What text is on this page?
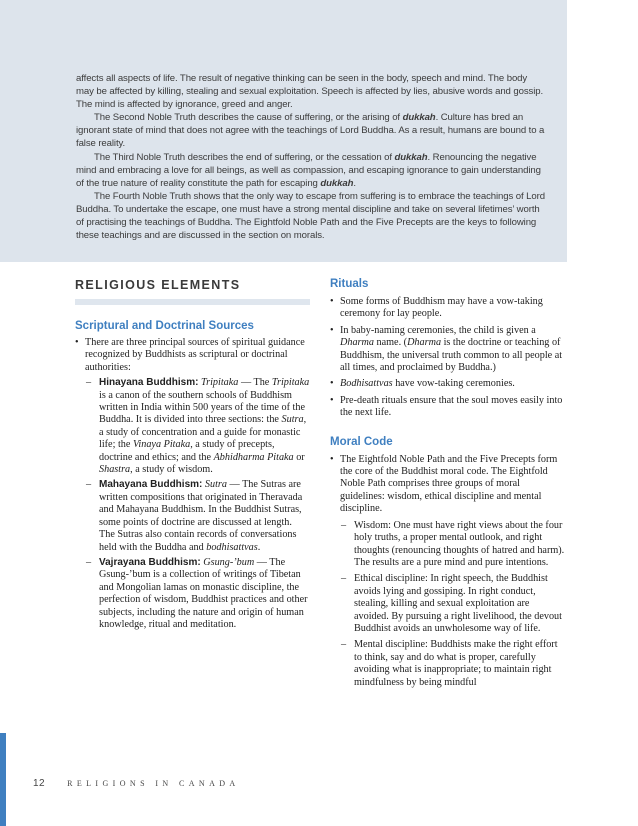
affects all aspects of life. The result of negative thinking can be seen in the body, speech and mind. The body may be affected by killing, stealing and sexual exploitation. Speech is affected by lies, abusive words and gossip. The mind is affected by ignorance, greed and anger.

The Second Noble Truth describes the cause of suffering, or the arising of dukkah. Culture has bred an ignorant state of mind that does not agree with the teachings of Lord Buddha. As a result, humans are bound to a false reality.

The Third Noble Truth describes the end of suffering, or the cessation of dukkah. Renouncing the negative mind and embracing a love for all beings, as well as compassion, and escaping ignorance to gain understanding of the true nature of reality constitute the path for escaping dukkah.

The Fourth Noble Truth shows that the only way to escape from suffering is to embrace the teachings of Lord Buddha. To undertake the escape, one must have a strong mental discipline and take on several lifetimes’ worth of practising the teachings of Buddha. The Eightfold Noble Path and the Five Precepts are the keys to following these teachings and are discussed in the section on morals.

RELIGIOUS ELEMENTS
Scriptural and Doctrinal Sources

• There are three principal sources of spiritual guidance recognized by Buddhists as scriptural or doctrinal authorities:

– Hinayana Buddhism: Tripitaka — The Tripitaka is a canon of the southern schools of Buddhism written in India within 500 years of the time of the Buddha. It is divided into three sections: the Sutra, a study of concentration and a guide for monastic life; the Vinaya Pitaka, a study of precepts, doctrine and ethics; and the Abhidharma Pitaka or Shastra, a study of wisdom.

– Mahayana Buddhism: Sutra — The Sutras are written compositions that originated in Theravada and Mahayana Buddhism. In the Buddhist Sutras, some points of doctrine are discussed at length. The Sutras also contain records of conversations held with the Buddha and bodhisattvas.

– Vajrayana Buddhism: Gsung-’bum — The Gsung-’bum is a collection of writings of Tibetan and Mongolian lamas on monastic discipline, the perfection of wisdom, Buddhist practices and other subjects, including the nature and origin of human knowledge, ritual and meditation.

Rituals

• Some forms of Buddhism may have a vow-taking ceremony for lay people.

• In baby-naming ceremonies, the child is given a Dharma name. (Dharma is the doctrine or teaching of Buddhism, the universal truth common to all people at all times, and proclaimed by Buddha.)

• Bodhisattvas have vow-taking ceremonies.

• Pre-death rituals ensure that the soul moves easily into the next life.

Moral Code

• The Eightfold Noble Path and the Five Precepts form the core of the Buddhist moral code. The Eightfold Noble Path comprises three groups of moral guidelines: wisdom, ethical discipline and mental discipline.

– Wisdom: One must have right views about the four holy truths, a proper mental outlook, and right thoughts (renouncing thoughts of hatred and harm). The results are a pure mind and pure intentions.

– Ethical discipline: In right speech, the Buddhist avoids lying and gossiping. In right conduct, stealing, killing and sexual exploitation are avoided. By pursuing a right livelihood, the devout Buddhist avoids an unwholesome way of life.

– Mental discipline: Buddhists make the right effort to think, say and do what is proper, carefully avoiding what is inappropriate; to maintain right mindfulness by being mindful

12	RELIGIONS IN CANADA
